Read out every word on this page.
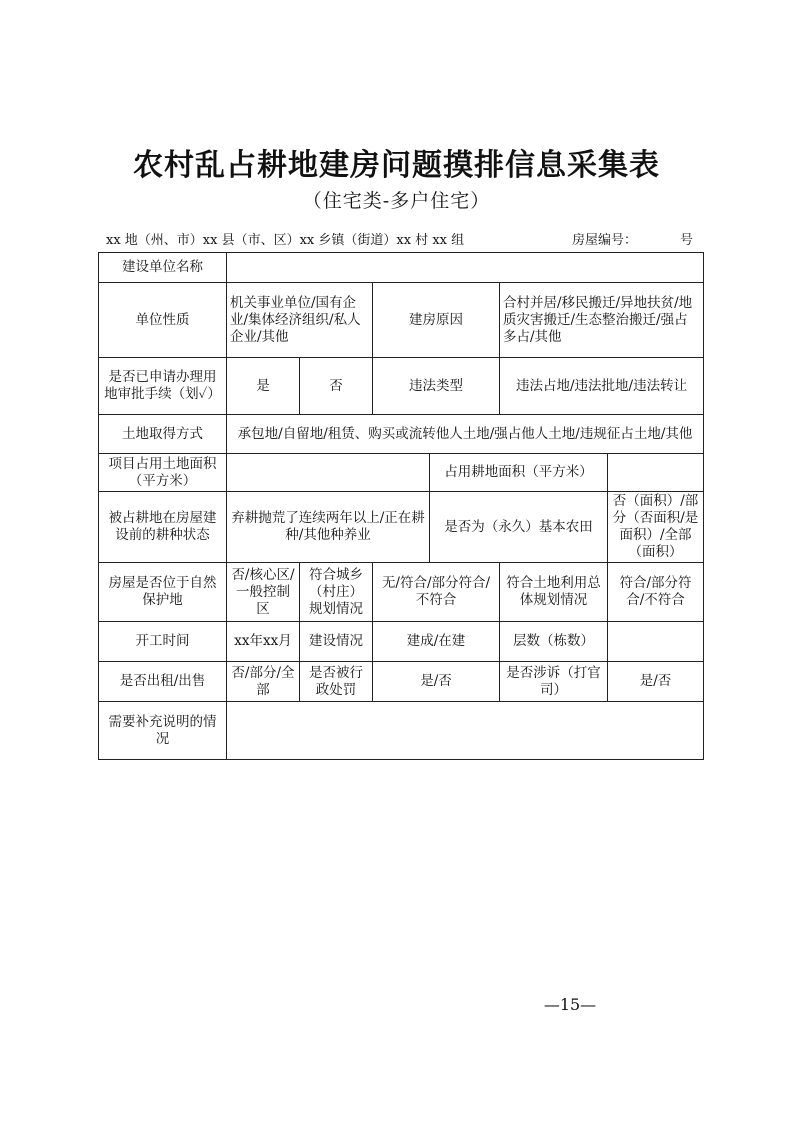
农村乱占耕地建房问题摸排信息采集表
（住宅类-多户住宅）
xx 地（州、市）xx 县（市、区）xx 乡镇（街道）xx 村 xx 组	房屋编号：	号
建设单位名称						
单位性质	机关事业单位/国有企业/集体经济组织/私人企业/其他		建房原因		合村并居/移民搬迁/异地扶贫/地质灾害搬迁/生态整治搬迁/强占多占/其他	
是否已申请办理用地审批手续（划✓）	是	否	违法类型		违法占地/违法批地/违法转让	
土地取得方式	承包地/自留地/租赁、购买或流转他人土地/强占他人土地/违规征占土地/其他					
项目占用土地面积（平方米）				占用耕地面积（平方米）		
被占耕地在房屋建设前的耕种状态	弃耕抛荒了连续两年以上/正在耕种/其他种养业			是否为（永久）基本农田		否（面积）/部分（否面积/是面积）/全部（面积）
房屋是否位于自然保护地	否/核心区/一般控制区	符合城乡（村庄）规划情况	无/符合/部分符合/不符合		符合土地利用总体规划情况	符合/部分符合/不符合
开工时间	xx年xx月	建设情况	建成/在建		层数（栋数）	
是否出租/出售	否/部分/全部	是否被行政处罚	是/否		是否涉诉（打官司）	是/否
需要补充说明的情况						
—15—
